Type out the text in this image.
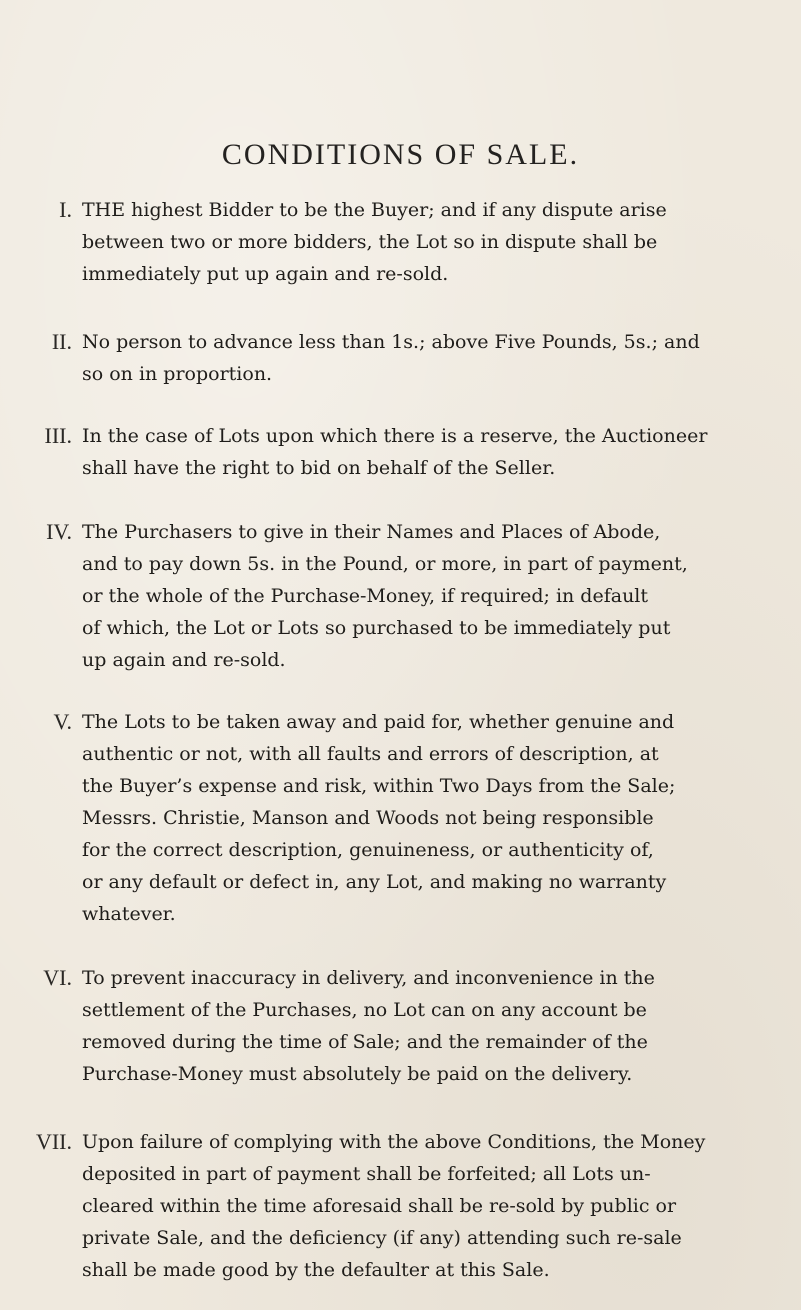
CONDITIONS OF SALE.
I. THE highest Bidder to be the Buyer; and if any dispute arise
between two or more bidders, the Lot so in dispute shall be
immediately put up again and re-sold.
II. No person to advance less than 1s.; above Five Pounds, 5s.; and
so on in proportion.
III. In the case of Lots upon which there is a reserve, the Auctioneer
shall have the right to bid on behalf of the Seller.
IV. The Purchasers to give in their Names and Places of Abode,
and to pay down 5s. in the Pound, or more, in part of payment,
or the whole of the Purchase-Money, if required; in default
of which, the Lot or Lots so purchased to be immediately put
up again and re-sold.
V. The Lots to be taken away and paid for, whether genuine and
authentic or not, with all faults and errors of description, at
the Buyer’s expense and risk, within Two Days from the Sale;
Messrs. Christie, Manson and Woods not being responsible
for the correct description, genuineness, or authenticity of,
or any default or defect in, any Lot, and making no warranty
whatever.
VI. To prevent inaccuracy in delivery, and inconvenience in the
settlement of the Purchases, no Lot can on any account be
removed during the time of Sale; and the remainder of the
Purchase-Money must absolutely be paid on the delivery.
VII. Upon failure of complying with the above Conditions, the Money
deposited in part of payment shall be forfeited; all Lots un-
cleared within the time aforesaid shall be re-sold by public or
private Sale, and the deficiency (if any) attending such re-sale
shall be made good by the defaulter at this Sale.
